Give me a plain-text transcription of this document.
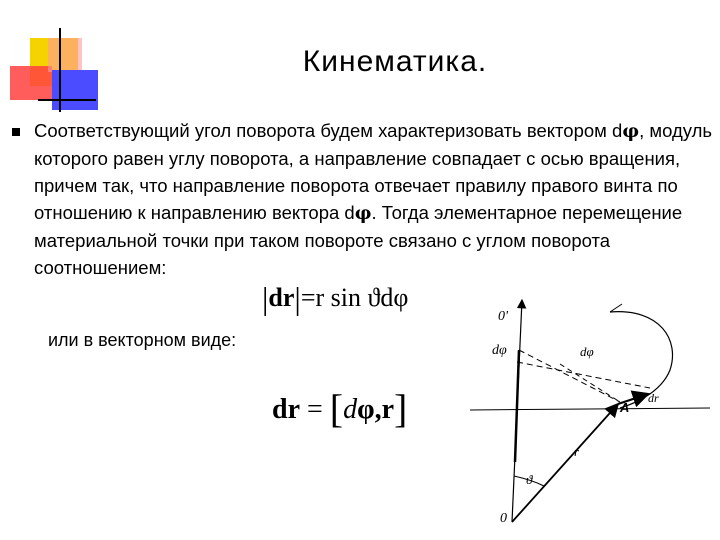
Кинематика.
Соответствующий угол поворота будем характеризовать вектором dφ, модуль которого равен углу поворота, а направление совпадает с осью вращения, причем так, что направление поворота отвечает правилу правого винта по отношению к направлению вектора dφ. Тогда элементарное перемещение материальной точки при таком повороте связано с углом поворота соотношением:
|dr|=r sin ϑdφ
или в векторном виде:
dr = [dφ,r]
0'
dφ	dφ
A
dr
r
ϑ
0
